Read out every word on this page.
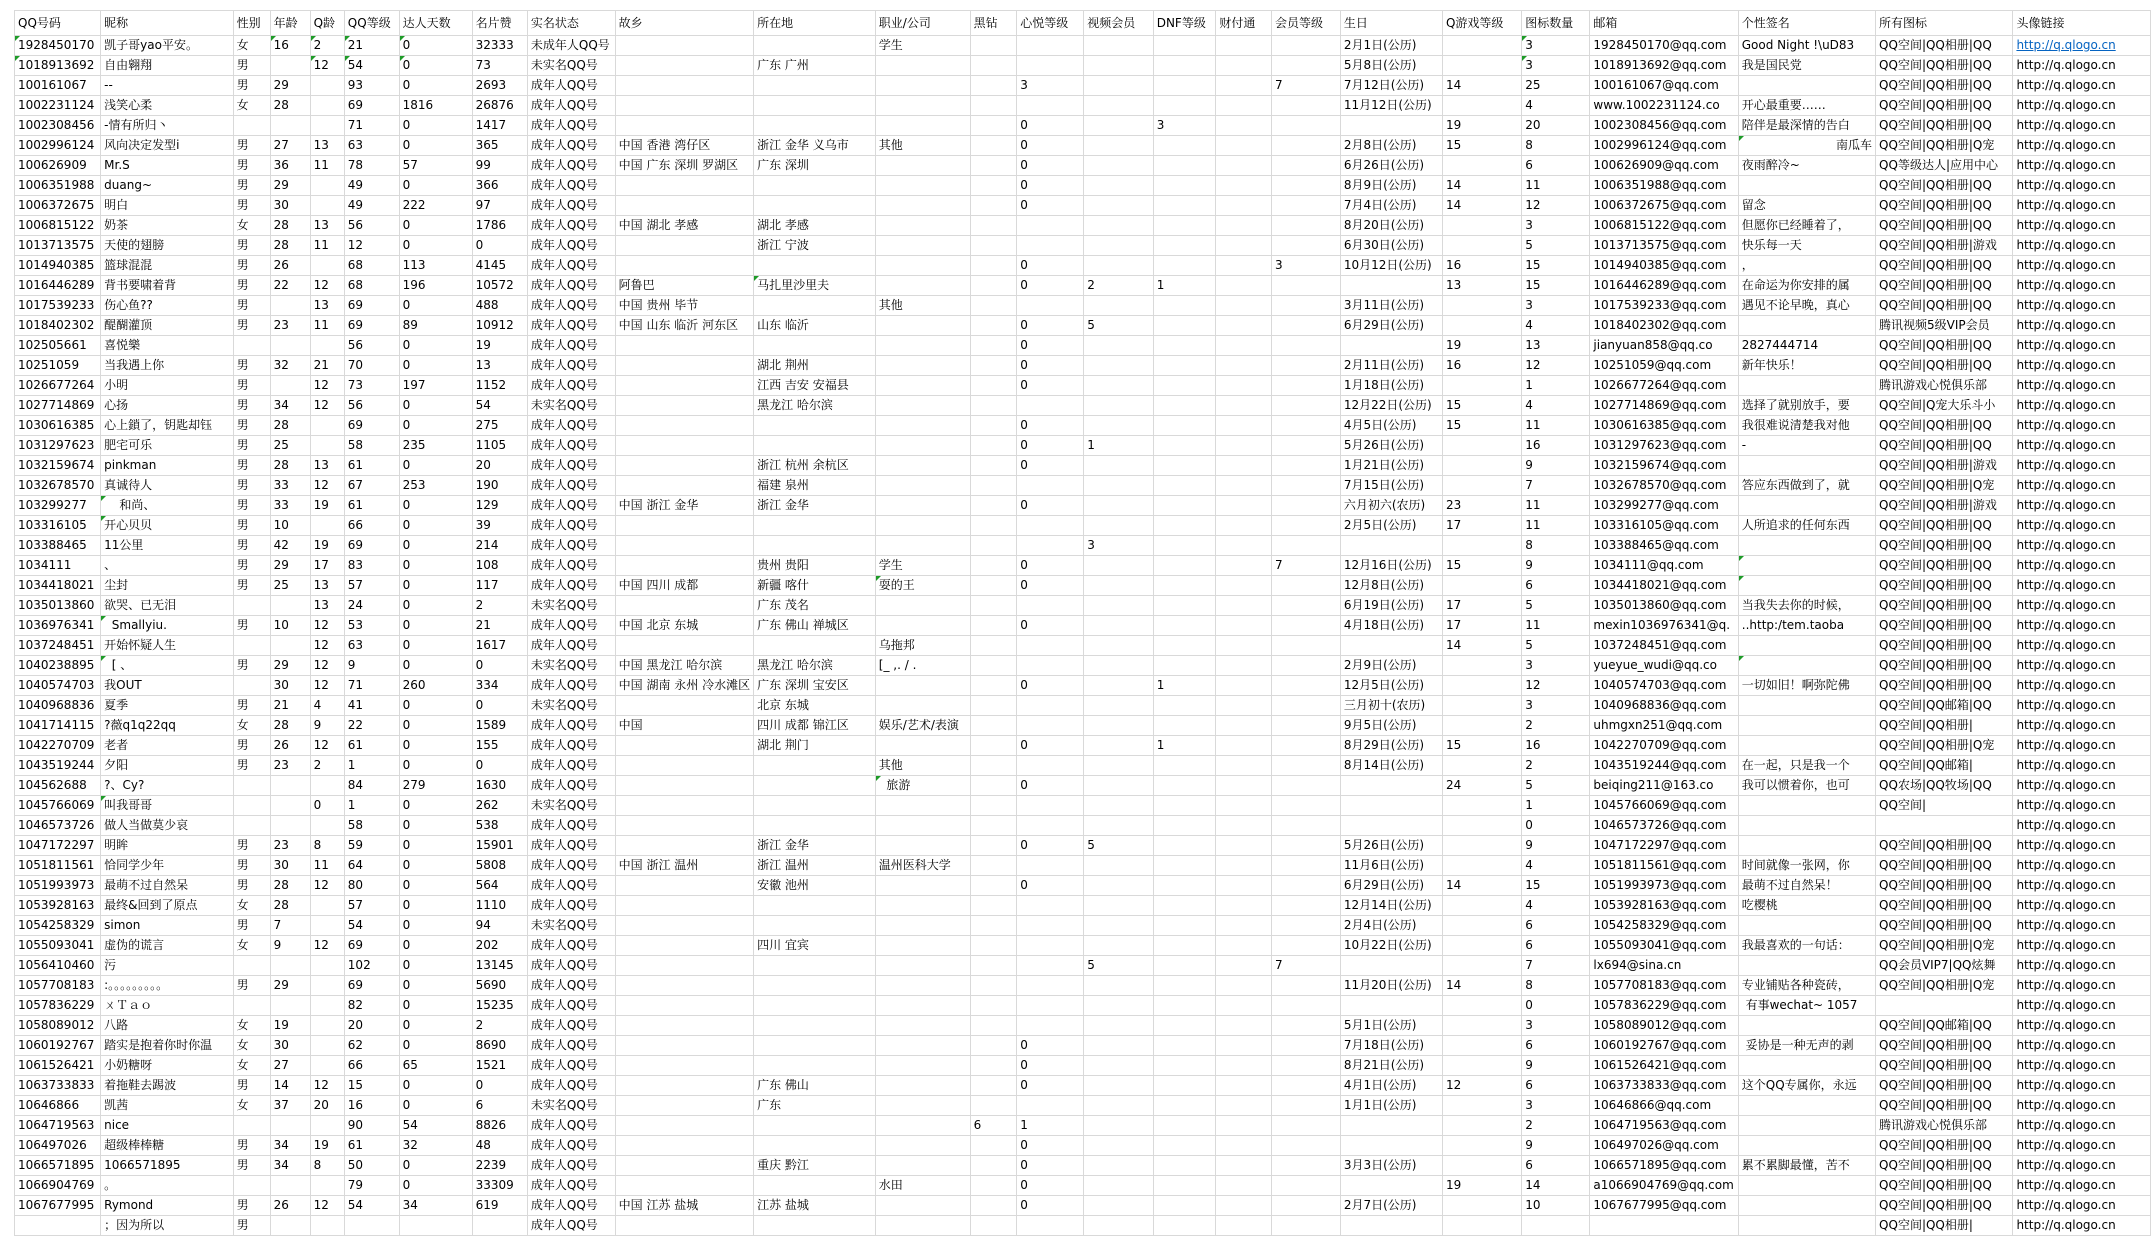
QQ号码	昵称	性别	年龄	Q龄	QQ等级	达人天数	名片赞	实名状态	故乡	所在地	职业/公司	黑钻	心悦等级	视频会员	DNF等级	财付通	会员等级	生日	Q游戏等级	图标数量	邮箱	个性签名	所有图标	头像链接
1928450170	凯子哥yao平安。	女	16	2	21	0	32333	未成年人QQ号			学生							2月1日(公历)		3	1928450170@qq.com	Good Night !\uD83	QQ空间|QQ相册|QQ	http://q.qlogo.cn
1018913692	自由翱翔	男		12	54	0	73	未实名QQ号		广东 广州								5月8日(公历)		3	1018913692@qq.com	我是国民党	QQ空间|QQ相册|QQ	http://q.qlogo.cn
100161067	--	男	29		93	0	2693	成年人QQ号					3				7	7月12日(公历)	14	25	100161067@qq.com		QQ空间|QQ相册|QQ	http://q.qlogo.cn
1002231124	浅笑心柔	女	28		69	1816	26876	成年人QQ号										11月12日(公历)		4	www.1002231124.co	开心最重要……	QQ空间|QQ相册|QQ	http://q.qlogo.cn
1002308456	-情有所归丶				71	0	1417	成年人QQ号					0		3				19	20	1002308456@qq.com	陪伴是最深情的告白	QQ空间|QQ相册|QQ	http://q.qlogo.cn
1002996124	风向决定发型i	男	27	13	63	0	365	成年人QQ号	中国 香港 湾仔区	浙江 金华 义乌市	其他		0					2月8日(公历)	15	8	1002996124@qq.com	南瓜车	QQ空间|QQ相册|Q宠	http://q.qlogo.cn
100626909	Mr.S	男	36	11	78	57	99	成年人QQ号	中国 广东 深圳 罗湖区	广东 深圳			0					6月26日(公历)		6	100626909@qq.com	夜雨醉冷~	QQ等级达人|应用中心	http://q.qlogo.cn
1006351988	duang~	男	29		49	0	366	成年人QQ号					0					8月9日(公历)	14	11	1006351988@qq.com		QQ空间|QQ相册|QQ	http://q.qlogo.cn
1006372675	明白	男	30		49	222	97	成年人QQ号					0					7月4日(公历)	14	12	1006372675@qq.com	留念	QQ空间|QQ相册|QQ	http://q.qlogo.cn
1006815122	奶茶	女	28	13	56	0	1786	成年人QQ号	中国 湖北 孝感	湖北 孝感								8月20日(公历)		3	1006815122@qq.com	但愿你已经睡着了，	QQ空间|QQ相册|QQ	http://q.qlogo.cn
1013713575	天使的翅膀	男	28	11	12	0	0	成年人QQ号		浙江 宁波								6月30日(公历)		5	1013713575@qq.com	快乐每一天	QQ空间|QQ相册|游戏	http://q.qlogo.cn
1014940385	篮球混混	男	26		68	113	4145	成年人QQ号					0				3	10月12日(公历)	16	15	1014940385@qq.com	，	QQ空间|QQ相册|QQ	http://q.qlogo.cn
1016446289	背书要啸着背	男	22	12	68	196	10572	成年人QQ号	阿鲁巴	马扎里沙里夫			0	2	1				13	15	1016446289@qq.com	在命运为你安排的属	QQ空间|QQ相册|QQ	http://q.qlogo.cn
1017539233	伤心鱼??	男		13	69	0	488	成年人QQ号	中国 贵州 毕节		其他							3月11日(公历)		3	1017539233@qq.com	遇见不论早晚，真心	QQ空间|QQ相册|QQ	http://q.qlogo.cn
1018402302	醍醐灌顶	男	23	11	69	89	10912	成年人QQ号	中国 山东 临沂 河东区	山东 临沂			0	5				6月29日(公历)		4	1018402302@qq.com		腾讯视频5级VIP会员	http://q.qlogo.cn
102505661	喜悦樂				56	0	19	成年人QQ号					0						19	13	jianyuan858@qq.co	2827444714	QQ空间|QQ相册|QQ	http://q.qlogo.cn
10251059	当我遇上你	男	32	21	70	0	13	成年人QQ号		湖北 荆州			0					2月11日(公历)	16	12	10251059@qq.com	新年快乐！	QQ空间|QQ相册|QQ	http://q.qlogo.cn
1026677264	小明	男		12	73	197	1152	成年人QQ号		江西 吉安 安福县			0					1月18日(公历)		1	1026677264@qq.com		腾讯游戏心悦俱乐部	http://q.qlogo.cn
1027714869	心扬	男	34	12	56	0	54	未实名QQ号		黑龙江 哈尔滨								12月22日(公历)	15	4	1027714869@qq.com	选择了就别放手，要	QQ空间|Q宠大乐斗小	http://q.qlogo.cn
1030616385	心上鎖了，钥匙却钰	男	28		69	0	275	成年人QQ号					0					4月5日(公历)	15	11	1030616385@qq.com	我很难说清楚我对他	QQ空间|QQ相册|QQ	http://q.qlogo.cn
1031297623	肥宅可乐	男	25		58	235	1105	成年人QQ号					0	1				5月26日(公历)		16	1031297623@qq.com	-	QQ空间|QQ相册|QQ	http://q.qlogo.cn
1032159674	pinkman	男	28	13	61	0	20	成年人QQ号		浙江 杭州 余杭区			0					1月21日(公历)		9	1032159674@qq.com		QQ空间|QQ相册|游戏	http://q.qlogo.cn
1032678570	真诚待人	男	33	12	67	253	190	成年人QQ号		福建 泉州								7月15日(公历)		7	1032678570@qq.com	答应东西做到了，就	QQ空间|QQ相册|Q宠	http://q.qlogo.cn
103299277	和尚、	男	33	19	61	0	129	成年人QQ号	中国 浙江 金华	浙江 金华			0					六月初六(农历)	23	11	103299277@qq.com		QQ空间|QQ相册|游戏	http://q.qlogo.cn
103316105	开心贝贝	男	10		66	0	39	成年人QQ号										2月5日(公历)	17	11	103316105@qq.com	人所追求的任何东西	QQ空间|QQ相册|QQ	http://q.qlogo.cn
103388465	11公里	男	42	19	69	0	214	成年人QQ号						3						8	103388465@qq.com		QQ空间|QQ相册|QQ	http://q.qlogo.cn
1034111	、	男	29	17	83	0	108	成年人QQ号		贵州 贵阳	学生		0				7	12月16日(公历)	15	9	1034111@qq.com		QQ空间|QQ相册|QQ	http://q.qlogo.cn
1034418021	尘封	男	25	13	57	0	117	成年人QQ号	中国 四川 成都	新疆 喀什	耍的王		0					12月8日(公历)		6	1034418021@qq.com		QQ空间|QQ相册|QQ	http://q.qlogo.cn
1035013860	欲哭、已无泪			13	24	0	2	未实名QQ号		广东 茂名								6月19日(公历)	17	5	1035013860@qq.com	当我失去你的时候，	QQ空间|QQ相册|QQ	http://q.qlogo.cn
1036976341	Smallyiu.	男	10	12	53	0	21	成年人QQ号	中国 北京 东城	广东 佛山 禅城区			0					4月18日(公历)	17	11	mexin1036976341@q.	..http:/tem.taoba	QQ空间|QQ相册|QQ	http://q.qlogo.cn
1037248451	开始怀疑人生			12	63	0	1617	成年人QQ号			乌拖邦								14	5	1037248451@qq.com		QQ空间|QQ相册|QQ	http://q.qlogo.cn
1040238895	[ 、	男	29	12	9	0	0	未实名QQ号	中国 黑龙江 哈尔滨	黑龙江 哈尔滨	[_ ,. / .							2月9日(公历)		3	yueyue_wudi@qq.co		QQ空间|QQ相册|QQ	http://q.qlogo.cn
1040574703	我OUT		30	12	71	260	334	成年人QQ号	中国 湖南 永州 冷水滩区	广东 深圳 宝安区			0		1			12月5日(公历)		12	1040574703@qq.com	一切如旧！啊弥陀佛	QQ空间|QQ相册|QQ	http://q.qlogo.cn
1040968836	夏季	男	21	4	41	0	0	未实名QQ号		北京 东城								三月初十(农历)		3	1040968836@qq.com		QQ空间|QQ邮箱|QQ	http://q.qlogo.cn
1041714115	?薇q1q22qq	女	28	9	22	0	1589	成年人QQ号	中国	四川 成都 锦江区	娱乐/艺术/表演							9月5日(公历)		2	uhmgxn251@qq.com		QQ空间|QQ相册|	http://q.qlogo.cn
1042270709	老者	男	26	12	61	0	155	成年人QQ号		湖北 荆门			0		1			8月29日(公历)	15	16	1042270709@qq.com		QQ空间|QQ相册|Q宠	http://q.qlogo.cn
1043519244	夕阳	男	23	2	1	0	0	成年人QQ号			其他							8月14日(公历)		2	1043519244@qq.com	在一起，只是我一个	QQ空间|QQ邮箱|	http://q.qlogo.cn
104562688	?、Cy?				84	279	1630	成年人QQ号			旅游		0						24	5	beiqing211@163.co	我可以惯着你，也可	QQ农场|QQ牧场|QQ	http://q.qlogo.cn
1045766069	叫我哥哥			0	1	0	262	未实名QQ号												1	1045766069@qq.com		QQ空间|	http://q.qlogo.cn
1046573726	做人当做莫少哀				58	0	538	成年人QQ号												0	1046573726@qq.com			http://q.qlogo.cn
1047172297	明眸	男	23	8	59	0	15901	成年人QQ号		浙江 金华			0	5				5月26日(公历)		9	1047172297@qq.com		QQ空间|QQ相册|QQ	http://q.qlogo.cn
1051811561	恰同学少年	男	30	11	64	0	5808	成年人QQ号	中国 浙江 温州	浙江 温州	温州医科大学							11月6日(公历)		4	1051811561@qq.com	时间就像一张网，你	QQ空间|QQ相册|QQ	http://q.qlogo.cn
1051993973	最萌不过自然呆	男	28	12	80	0	564	成年人QQ号		安徽 池州			0					6月29日(公历)	14	15	1051993973@qq.com	最萌不过自然呆！	QQ空间|QQ相册|QQ	http://q.qlogo.cn
1053928163	最终&回到了原点	女	28		57	0	1110	成年人QQ号										12月14日(公历)		4	1053928163@qq.com	吃樱桃	QQ空间|QQ相册|QQ	http://q.qlogo.cn
1054258329	simon	男	7		54	0	94	未实名QQ号										2月4日(公历)		6	1054258329@qq.com		QQ空间|QQ相册|QQ	http://q.qlogo.cn
1055093041	虚伪的谎言	女	9	12	69	0	202	成年人QQ号		四川 宜宾								10月22日(公历)		6	1055093041@qq.com	我最喜欢的一句话：	QQ空间|QQ相册|Q宠	http://q.qlogo.cn
1056410460	污				102	0	13145	成年人QQ号						5			7			7	lx694@sina.cn		QQ会员VIP7|QQ炫舞	http://q.qlogo.cn
1057708183	:。。。。。。。。。	男	29		69	0	5690	成年人QQ号										11月20日(公历)	14	8	1057708183@qq.com	专业铺贴各种瓷砖，	QQ空间|QQ相册|Q宠	http://q.qlogo.cn
1057836229	ㄨＴａｏ				82	0	15235	成年人QQ号												0	1057836229@qq.com	有事wechat~ 1057		http://q.qlogo.cn
1058089012	八路	女	19		20	0	2	成年人QQ号										5月1日(公历)		3	1058089012@qq.com		QQ空间|QQ邮箱|QQ	http://q.qlogo.cn
1060192767	踏实是抱着你时你温	女	30		62	0	8690	成年人QQ号					0					7月18日(公历)		6	1060192767@qq.com	妥协是一种无声的剥	QQ空间|QQ相册|QQ	http://q.qlogo.cn
1061526421	小奶糖呀	女	27		66	65	1521	成年人QQ号					0					8月21日(公历)		9	1061526421@qq.com		QQ空间|QQ相册|QQ	http://q.qlogo.cn
1063733833	着拖鞋去踢波	男	14	12	15	0	0	成年人QQ号		广东 佛山			0					4月1日(公历)	12	6	1063733833@qq.com	这个QQ专属你，永远	QQ空间|QQ相册|QQ	http://q.qlogo.cn
10646866	凯茜	女	37	20	16	0	6	未实名QQ号		广东								1月1日(公历)		3	10646866@qq.com		QQ空间|QQ相册|QQ	http://q.qlogo.cn
1064719563	nice				90	54	8826	成年人QQ号				6	1							2	1064719563@qq.com		腾讯游戏心悦俱乐部	http://q.qlogo.cn
106497026	超级棒棒糖	男	34	19	61	32	48	成年人QQ号					0							9	106497026@qq.com		QQ空间|QQ相册|QQ	http://q.qlogo.cn
1066571895	1066571895	男	34	8	50	0	2239	成年人QQ号		重庆 黔江			0					3月3日(公历)		6	1066571895@qq.com	累不累脚最懂，苦不	QQ空间|QQ相册|QQ	http://q.qlogo.cn
1066904769	。				79	0	33309	成年人QQ号			水田		0						19	14	a1066904769@qq.com		QQ空间|QQ相册|QQ	http://q.qlogo.cn
1067677995	Rymond	男	26	12	54	34	619	成年人QQ号	中国 江苏 盐城	江苏 盐城			0					2月7日(公历)		10	1067677995@qq.com		QQ空间|QQ相册|QQ	http://q.qlogo.cn
	；因为所以	男						成年人QQ号															QQ空间|QQ相册|	http://q.qlogo.cn
